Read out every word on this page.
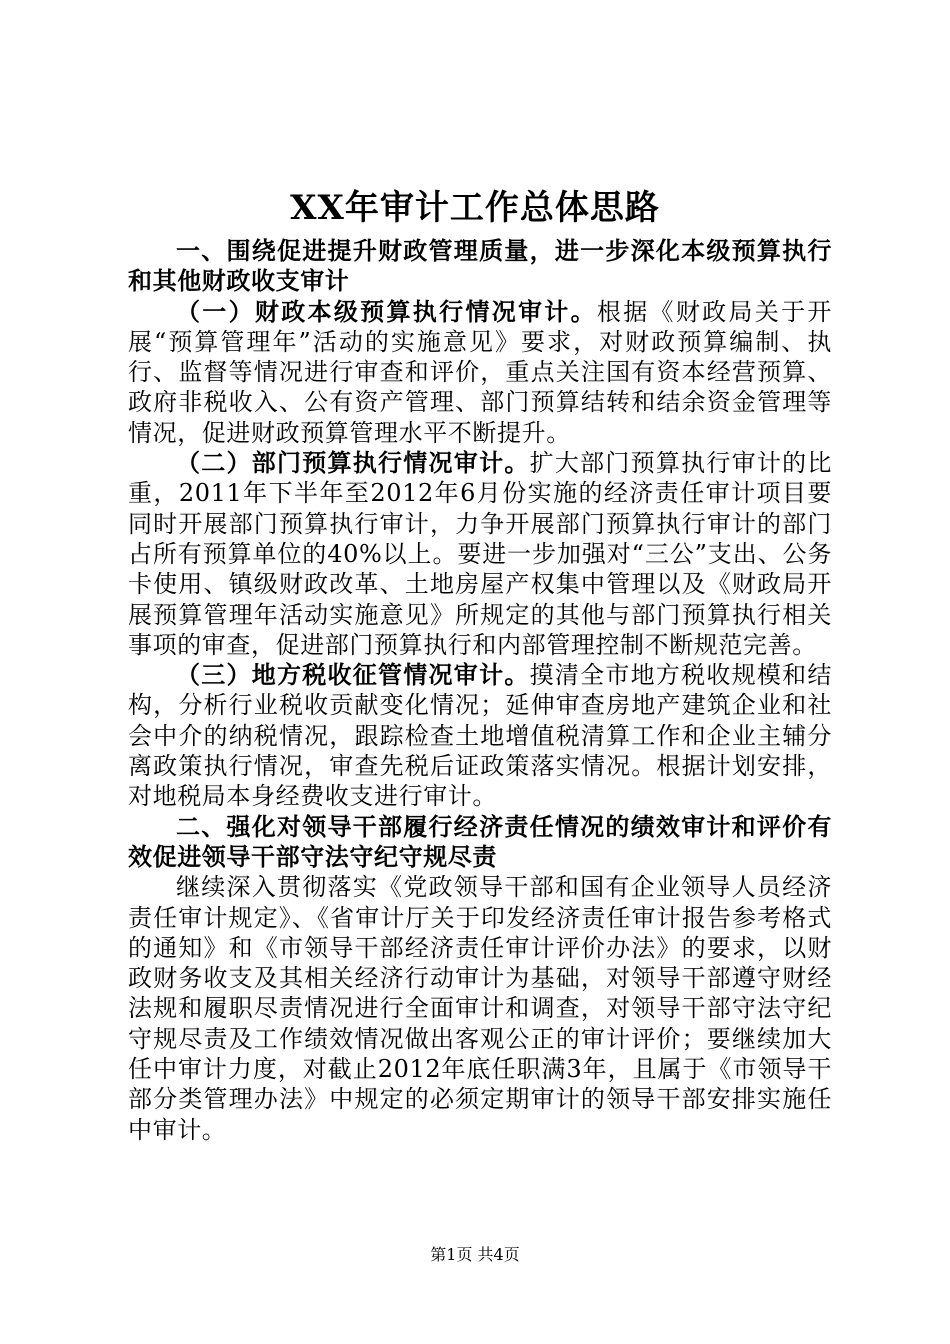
XX年审计工作总体思路

一、围绕促进提升财政管理质量，进一步深化本级预算执行和其他财政收支审计

（一）财政本级预算执行情况审计。根据《财政局关于开展“预算管理年”活动的实施意见》要求，对财政预算编制、执行、监督等情况进行审查和评价，重点关注国有资本经营预算、政府非税收入、公有资产管理、部门预算结转和结余资金管理等情况，促进财政预算管理水平不断提升。

（二）部门预算执行情况审计。扩大部门预算执行审计的比重，2011年下半年至2012年6月份实施的经济责任审计项目要同时开展部门预算执行审计，力争开展部门预算执行审计的部门占所有预算单位的40%以上。要进一步加强对“三公”支出、公务卡使用、镇级财政改革、土地房屋产权集中管理以及《财政局开展预算管理年活动实施意见》所规定的其他与部门预算执行相关事项的审查，促进部门预算执行和内部管理控制不断规范完善。

（三）地方税收征管情况审计。摸清全市地方税收规模和结构，分析行业税收贡献变化情况；延伸审查房地产建筑企业和社会中介的纳税情况，跟踪检查土地增值税清算工作和企业主辅分离政策执行情况，审查先税后证政策落实情况。根据计划安排，对地税局本身经费收支进行审计。

二、强化对领导干部履行经济责任情况的绩效审计和评价有效促进领导干部守法守纪守规尽责

继续深入贯彻落实《党政领导干部和国有企业领导人员经济责任审计规定》、《省审计厅关于印发经济责任审计报告参考格式的通知》和《市领导干部经济责任审计评价办法》的要求，以财政财务收支及其相关经济行动审计为基础，对领导干部遵守财经法规和履职尽责情况进行全面审计和调查，对领导干部守法守纪守规尽责及工作绩效情况做出客观公正的审计评价；要继续加大任中审计力度，对截止2012年底任职满3年，且属于《市领导干部分类管理办法》中规定的必须定期审计的领导干部安排实施任中审计。

第1页 共4页
